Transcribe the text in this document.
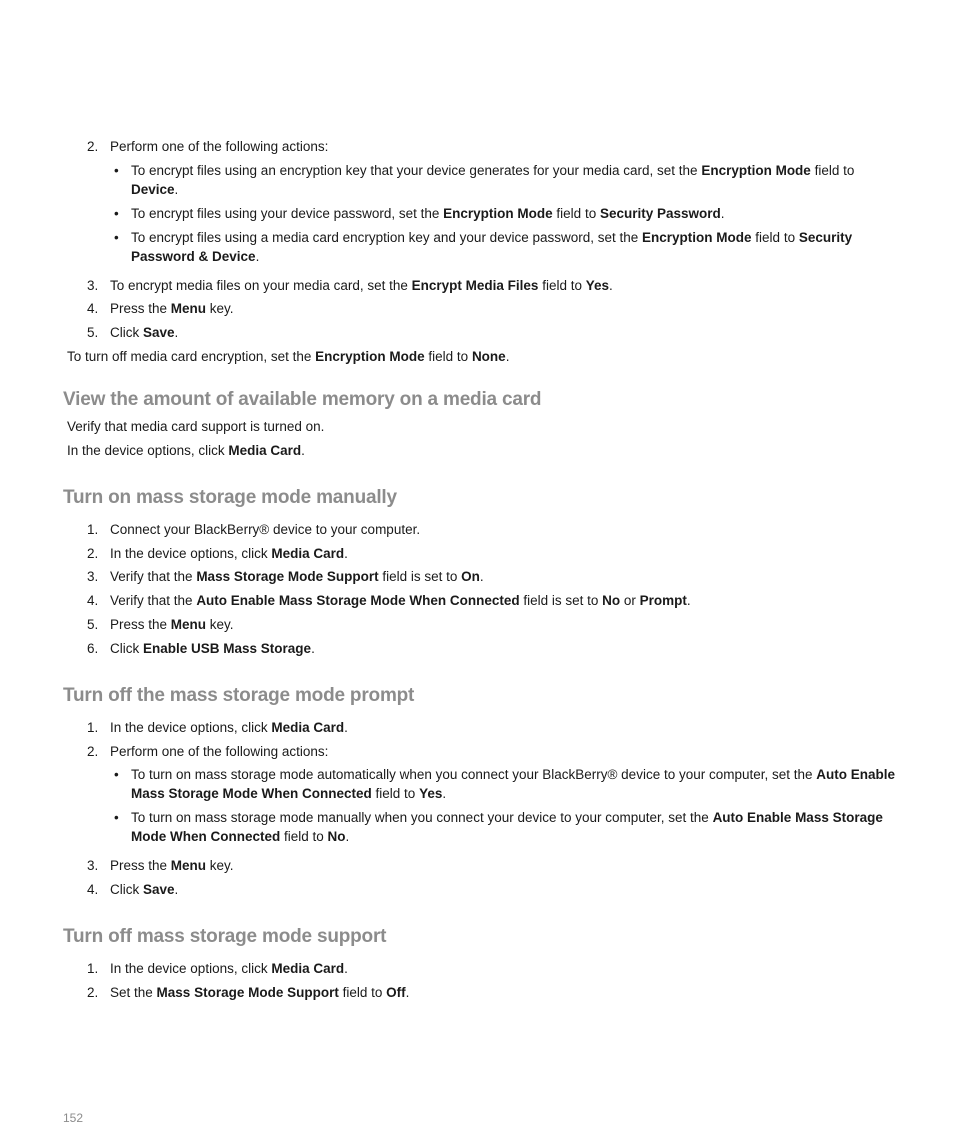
2. Perform one of the following actions:
• To encrypt files using an encryption key that your device generates for your media card, set the Encryption Mode field to Device.
• To encrypt files using your device password, set the Encryption Mode field to Security Password.
• To encrypt files using a media card encryption key and your device password, set the Encryption Mode field to Security Password & Device.
3. To encrypt media files on your media card, set the Encrypt Media Files field to Yes.
4. Press the Menu key.
5. Click Save.
To turn off media card encryption, set the Encryption Mode field to None.
View the amount of available memory on a media card
Verify that media card support is turned on.
In the device options, click Media Card.
Turn on mass storage mode manually
1. Connect your BlackBerry® device to your computer.
2. In the device options, click Media Card.
3. Verify that the Mass Storage Mode Support field is set to On.
4. Verify that the Auto Enable Mass Storage Mode When Connected field is set to No or Prompt.
5. Press the Menu key.
6. Click Enable USB Mass Storage.
Turn off the mass storage mode prompt
1. In the device options, click Media Card.
2. Perform one of the following actions:
• To turn on mass storage mode automatically when you connect your BlackBerry® device to your computer, set the Auto Enable Mass Storage Mode When Connected field to Yes.
• To turn on mass storage mode manually when you connect your device to your computer, set the Auto Enable Mass Storage Mode When Connected field to No.
3. Press the Menu key.
4. Click Save.
Turn off mass storage mode support
1. In the device options, click Media Card.
2. Set the Mass Storage Mode Support field to Off.
152
